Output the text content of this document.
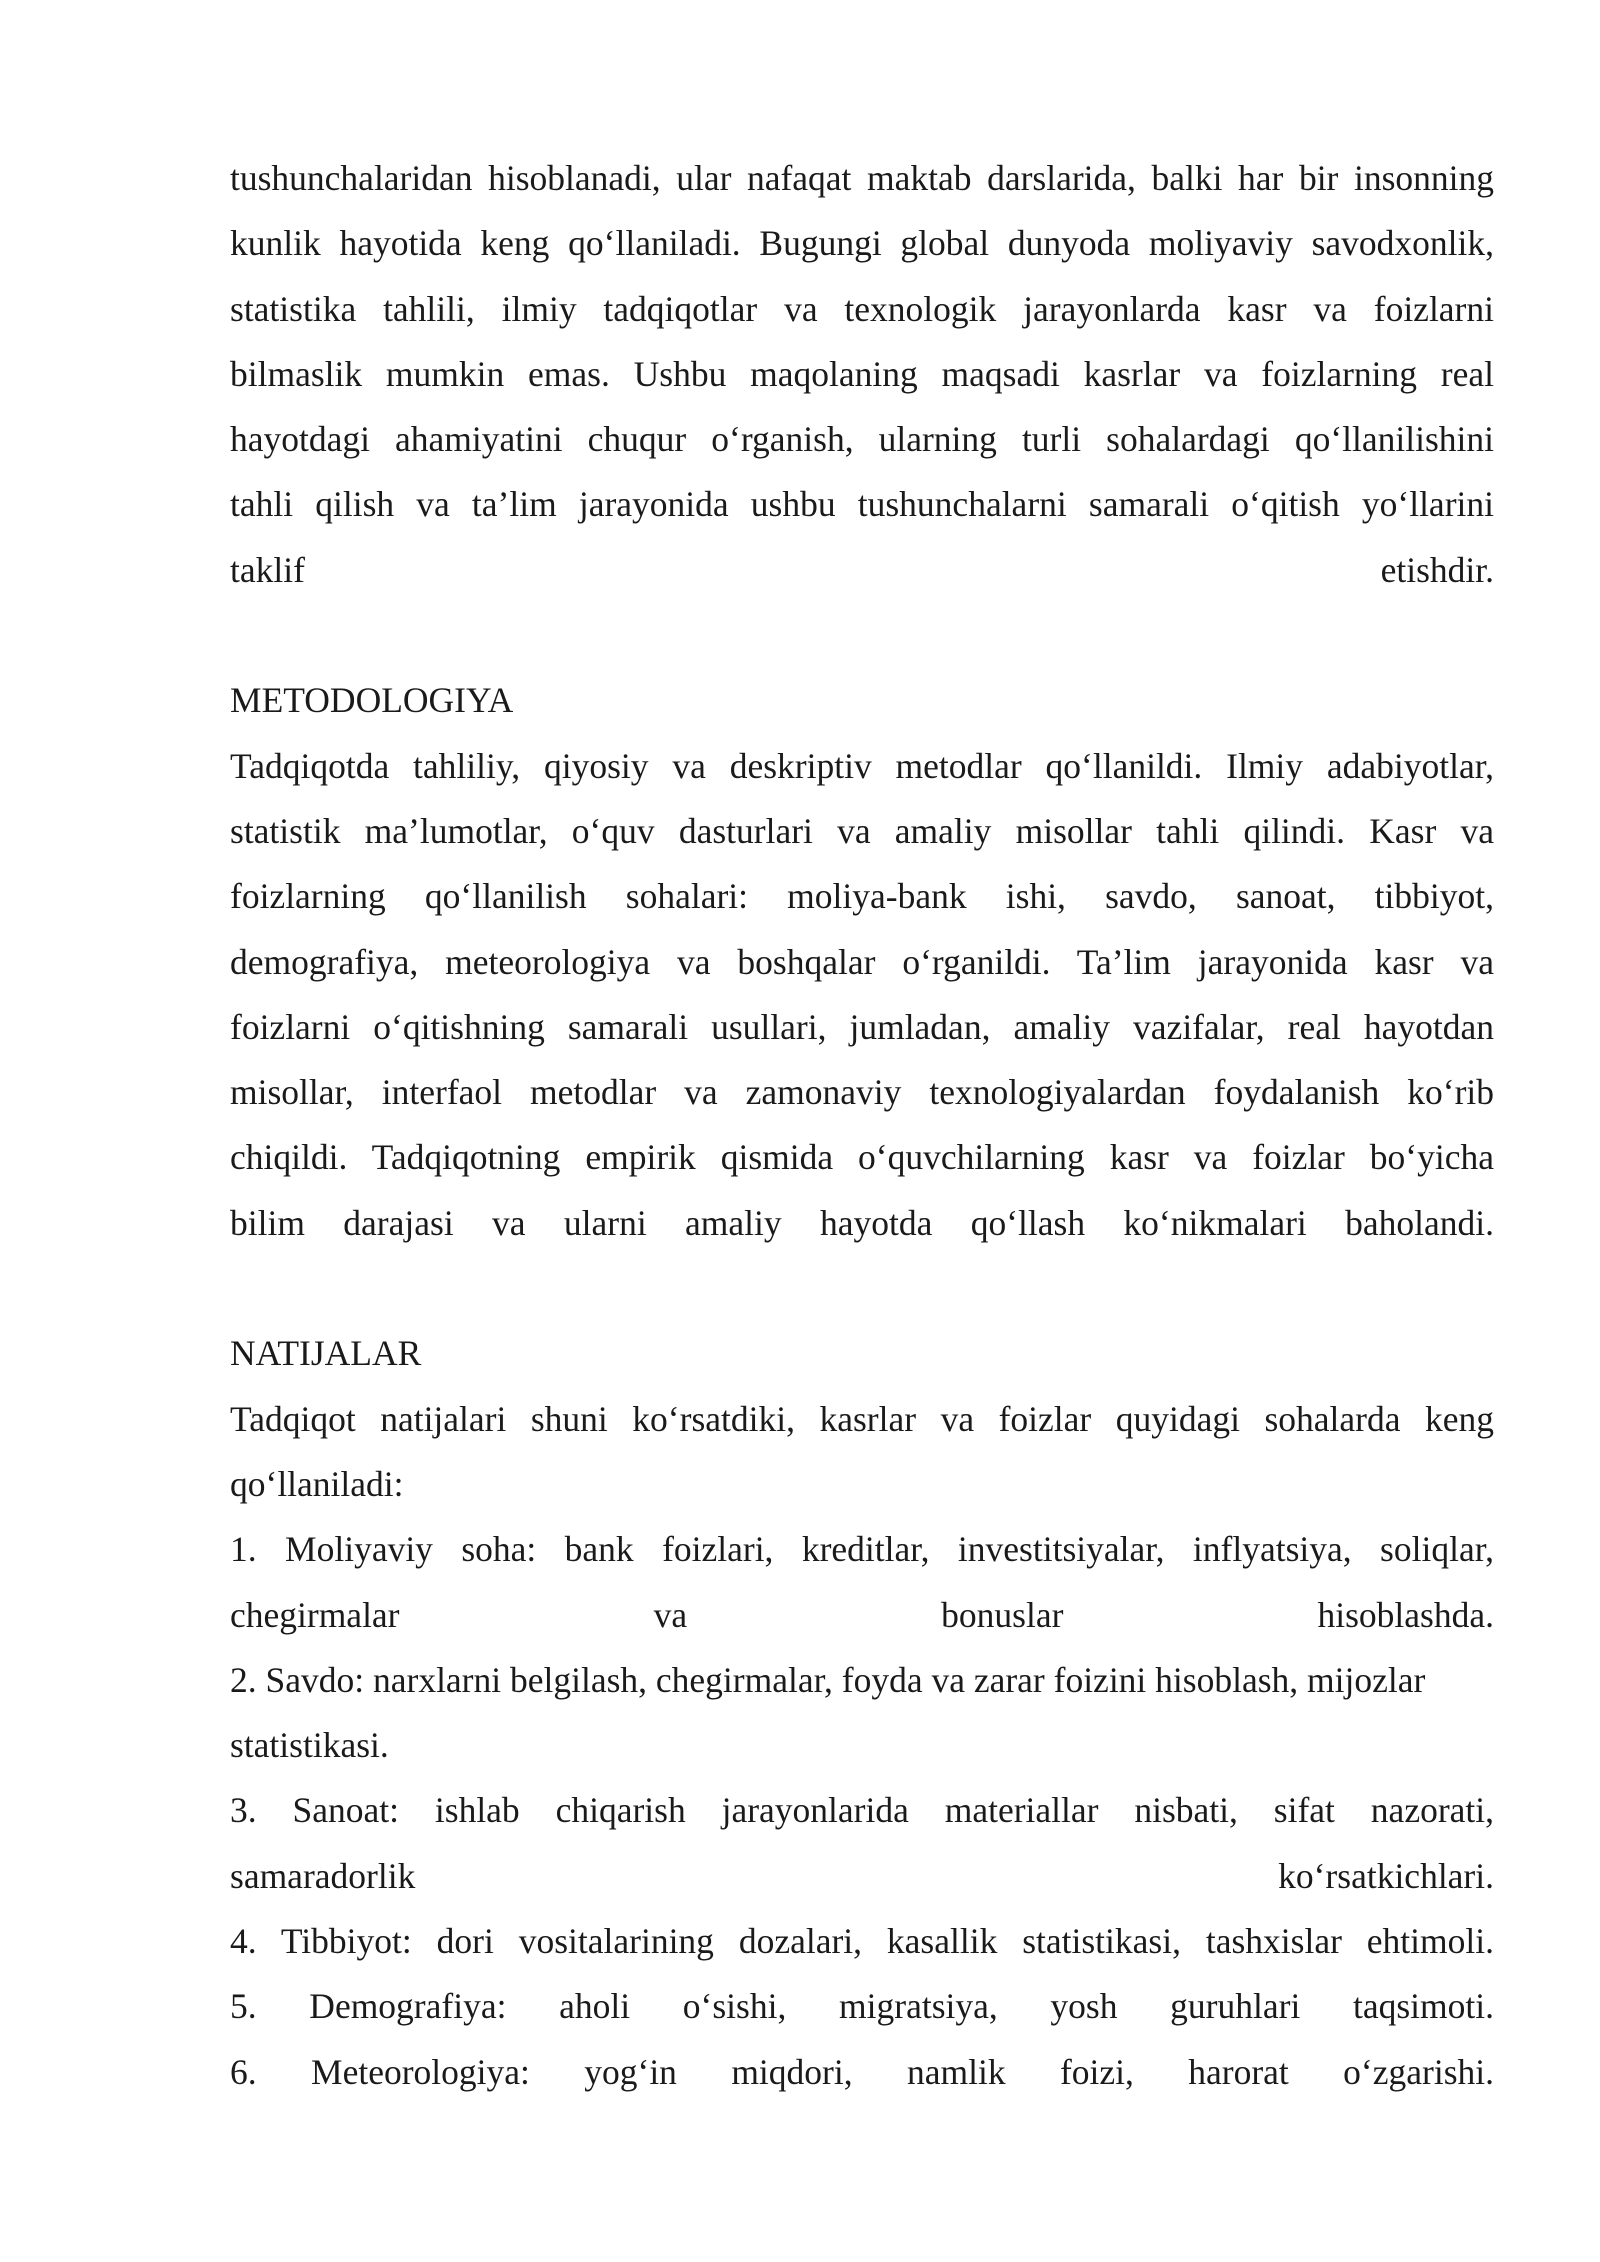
tushunchalaridan hisoblanadi, ular nafaqat maktab darslarida, balki har bir insonning
kunlik hayotida keng qo‘llaniladi. Bugungi global dunyoda moliyaviy savodxonlik,
statistika tahlili, ilmiy tadqiqotlar va texnologik jarayonlarda kasr va foizlarni
bilmaslik mumkin emas. Ushbu maqolaning maqsadi kasrlar va foizlarning real
hayotdagi ahamiyatini chuqur o‘rganish, ularning turli sohalardagi qo‘llanilishini
tahli qilish va ta’lim jarayonida ushbu tushunchalarni samarali o‘qitish yo‘llarini
taklif etishdir.
METODOLOGIYA
Tadqiqotda tahliliy, qiyosiy va deskriptiv metodlar qo‘llanildi. Ilmiy adabiyotlar,
statistik ma’lumotlar, o‘quv dasturlari va amaliy misollar tahli qilindi. Kasr va
foizlarning qo‘llanilish sohalari: moliya-bank ishi, savdo, sanoat, tibbiyot,
demografiya, meteorologiya va boshqalar o‘rganildi. Ta’lim jarayonida kasr va
foizlarni o‘qitishning samarali usullari, jumladan, amaliy vazifalar, real hayotdan
misollar, interfaol metodlar va zamonaviy texnologiyalardan foydalanish ko‘rib
chiqildi. Tadqiqotning empirik qismida o‘quvchilarning kasr va foizlar bo‘yicha
bilim darajasi va ularni amaliy hayotda qo‘llash ko‘nikmalari baholandi.
NATIJALAR
Tadqiqot natijalari shuni ko‘rsatdiki, kasrlar va foizlar quyidagi sohalarda keng
qo‘llaniladi:
1. Moliyaviy soha: bank foizlari, kreditlar, investitsiyalar, inflyatsiya, soliqlar,
chegirmalar va bonuslar hisoblashda.
2. Savdo: narxlarni belgilash, chegirmalar, foyda va zarar foizini hisoblash, mijozlar
statistikasi.
3. Sanoat: ishlab chiqarish jarayonlarida materiallar nisbati, sifat nazorati,
samaradorlik ko‘rsatkichlari.
4. Tibbiyot: dori vositalarining dozalari, kasallik statistikasi, tashxislar ehtimoli.
5. Demografiya: aholi o‘sishi, migratsiya, yosh guruhlari taqsimoti.
6. Meteorologiya: yog‘in miqdori, namlik foizi, harorat o‘zgarishi.
